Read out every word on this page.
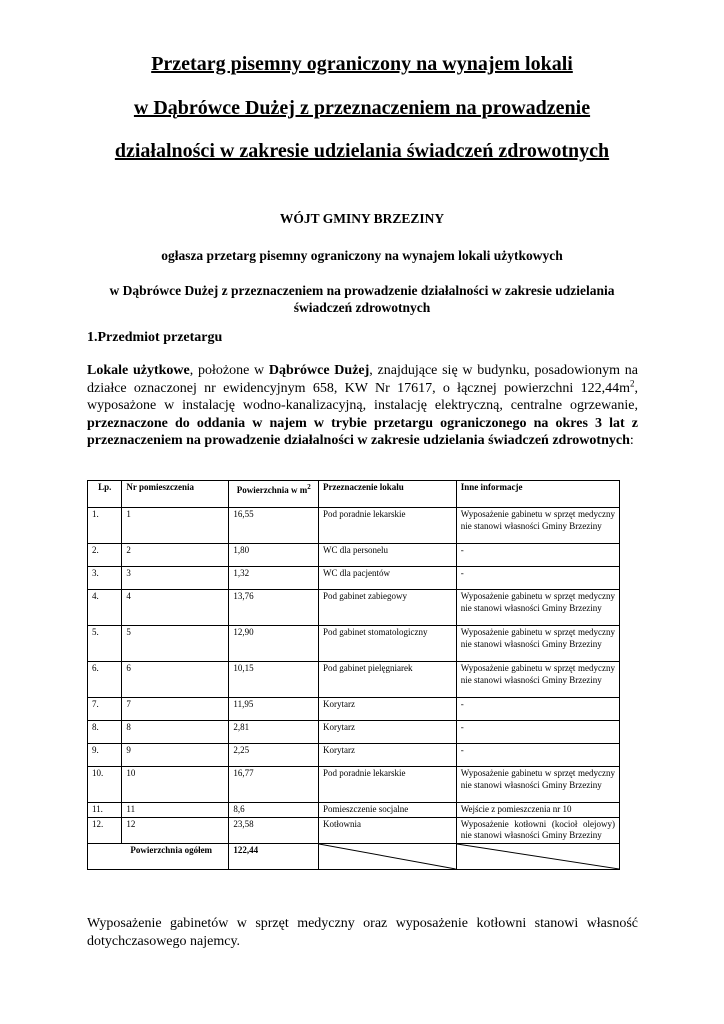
Przetarg pisemny ograniczony na wynajem lokali
w Dąbrówce Dużej z przeznaczeniem na prowadzenie
działalności w zakresie udzielania świadczeń zdrowotnych
WÓJT GMINY BRZEZINY
ogłasza przetarg pisemny ograniczony na wynajem lokali użytkowych
w Dąbrówce Dużej z przeznaczeniem na prowadzenie działalności w zakresie udzielania
świadczeń zdrowotnych
1.Przedmiot przetargu
Lokale użytkowe, położone w Dąbrówce Dużej, znajdujące się w budynku, posadowionym na działce oznaczonej nr ewidencyjnym 658, KW Nr 17617, o łącznej powierzchni $122,44m^2$, wyposażone w instalację wodno-kanalizacyjną, instalację elektryczną, centralne ogrzewanie, przeznaczone do oddania w najem w trybie przetargu ograniczonego na okres 3 lat z przeznaczeniem na prowadzenie działalności w zakresie udzielania świadczeń zdrowotnych:
Lp.	Nr pomieszczenia	Powierzchnia w $m^2$	Przeznaczenie lokalu	Inne informacje
1.	1	16,55	Pod poradnie lekarskie	Wyposażenie gabinetu w sprzęt medyczny nie stanowi własności Gminy Brzeziny
2.	2	1,80	WC dla personelu	-
3.	3	1,32	WC dla pacjentów	-
4.	4	13,76	Pod gabinet zabiegowy	Wyposażenie gabinetu w sprzęt medyczny nie stanowi własności Gminy Brzeziny
5.	5	12,90	Pod gabinet stomatologiczny	Wyposażenie gabinetu w sprzęt medyczny nie stanowi własności Gminy Brzeziny
6.	6	10,15	Pod gabinet pielęgniarek	Wyposażenie gabinetu w sprzęt medyczny nie stanowi własności Gminy Brzeziny
7.	7	11,95	Korytarz	-
8.	8	2,81	Korytarz	-
9.	9	2,25	Korytarz	-
10.	10	16,77	Pod poradnie lekarskie	Wyposażenie gabinetu w sprzęt medyczny nie stanowi własności Gminy Brzeziny
11.	11	8,6	Pomieszczenie socjalne	Wejście z pomieszczenia nr 10
12.	12	23,58	Kotłownia	Wyposażenie kotłowni (kocioł olejowy) nie stanowi własności Gminy Brzeziny
Powierzchnia ogółem		122,44	

Wyposażenie gabinetów w sprzęt medyczny oraz wyposażenie kotłowni stanowi własność dotychczasowego najemcy.
